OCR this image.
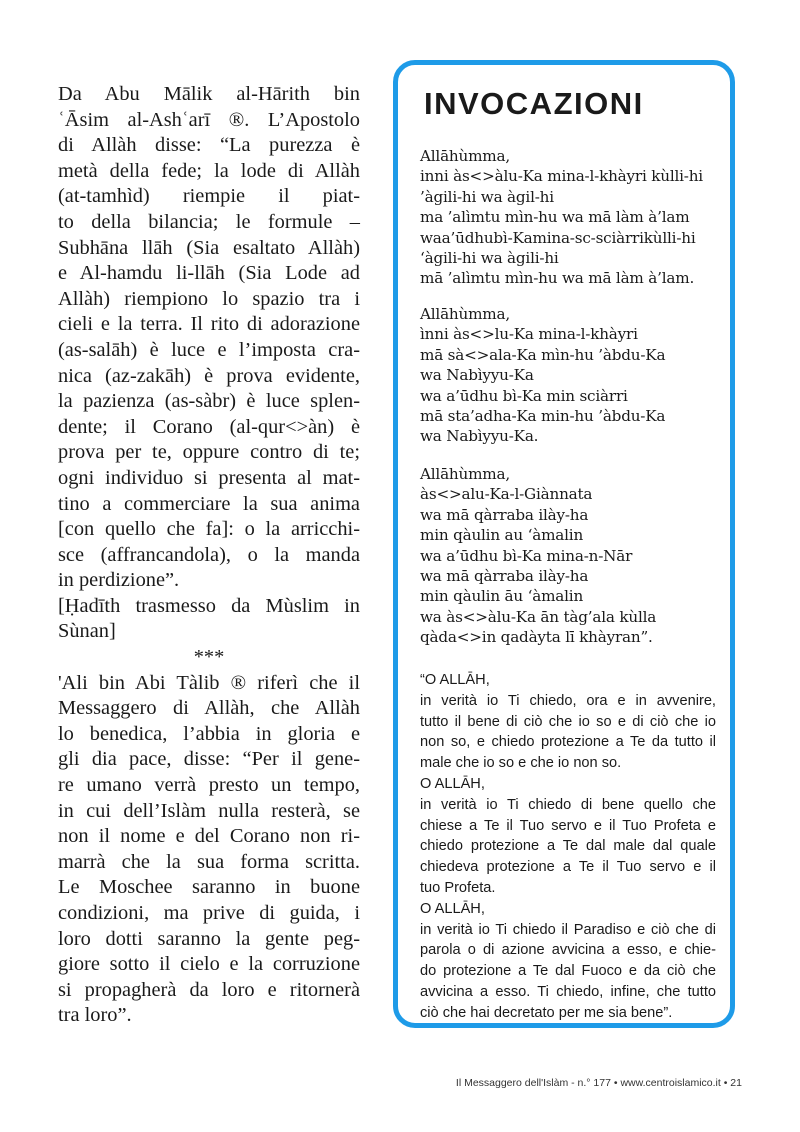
Da Abu Mālik al-Hārith bin
ʿĀsim al-Ashʿarī ®. L’Apostolo
di Allàh disse: “La purezza è
metà della fede; la lode di Allàh
(at-tamhìd) riempie il piat-
to della bilancia; le formule –
Subhāna llāh (Sia esaltato Allàh)
e Al-hamdu li-llāh (Sia Lode ad
Allàh) riempiono lo spazio tra i
cieli e la terra. Il rito di adorazione
(as-salāh) è luce e l’imposta cra-
nica (az-zakāh) è prova evidente,
la pazienza (as-sàbr) è luce splen-
dente; il Corano (al-qur<>àn) è
prova per te, oppure contro di te;
ogni individuo si presenta al mat-
tino a commerciare la sua anima
[con quello che fa]: o la arricchi-
sce (affrancandola), o la manda
in perdizione”.
[Ḥadīth trasmesso da Mùslim in
Sùnan]
***
'Ali bin Abi Tàlib ® riferì che il
Messaggero di Allàh, che Allàh
lo benedica, l’abbia in gloria e
gli dia pace, disse: “Per il gene-
re umano verrà presto un tempo,
in cui dell’Islàm nulla resterà, se
non il nome e del Corano non ri-
marrà che la sua forma scritta.
Le Moschee saranno in buone
condizioni, ma prive di guida, i
loro dotti saranno la gente peg-
giore sotto il cielo e la corruzione
si propagherà da loro e ritornerà
tra loro”.
INVOCAZIONI
Allāhùmma,
inni às<>àlu-Ka mina-l-khàyri kùlli-hi
’àgili-hi wa àgil-hi
ma ’alìmtu mìn-hu wa mā làm à’lam
waa’ūdhubì-Kamina-sc-sciàrrikùlli-hi
‘àgili-hi wa àgili-hi
mā ’alìmtu mìn-hu wa mā làm à’lam.
Allāhùmma,
ìnni às<>lu-Ka mina-l-khàyri
mā sà<>ala-Ka mìn-hu ’àbdu-Ka
wa Nabìyyu-Ka
wa a’ūdhu bì-Ka min sciàrri
mā sta’adha-Ka min-hu ’àbdu-Ka
wa Nabìyyu-Ka.
Allāhùmma,
às<>alu-Ka-l-Giànnata
wa mā qàrraba ilày-ha
min qàulin au ‘àmalin
wa a’ūdhu bì-Ka mina-n-Nār
wa mā qàrraba ilày-ha
min qàulin āu ‘àmalin
wa às<>àlu-Ka ān tàg’ala kùlla
qàda<>in qadàyta lī khàyran”.
“O ALLĀH,
in verità io Ti chiedo, ora e in avvenire,
tutto il bene di ciò che io so e di ciò che io
non so, e chiedo protezione a Te da tutto il
male che io so e che io non so.
O ALLĀH,
in verità io Ti chiedo di bene quello che
chiese a Te il Tuo servo e il Tuo Profeta e
chiedo protezione a Te dal male dal quale
chiedeva protezione a Te il Tuo servo e il
tuo Profeta.
O ALLĀH,
in verità io Ti chiedo il Paradiso e ciò che di
parola o di azione avvicina a esso, e chie-
do protezione a Te dal Fuoco e da ciò che
avvicina a esso. Ti chiedo, infine, che tutto
ciò che hai decretato per me sia bene”.
Il Messaggero dell'Islàm - n.° 177 • www.centroislamico.it • 21
